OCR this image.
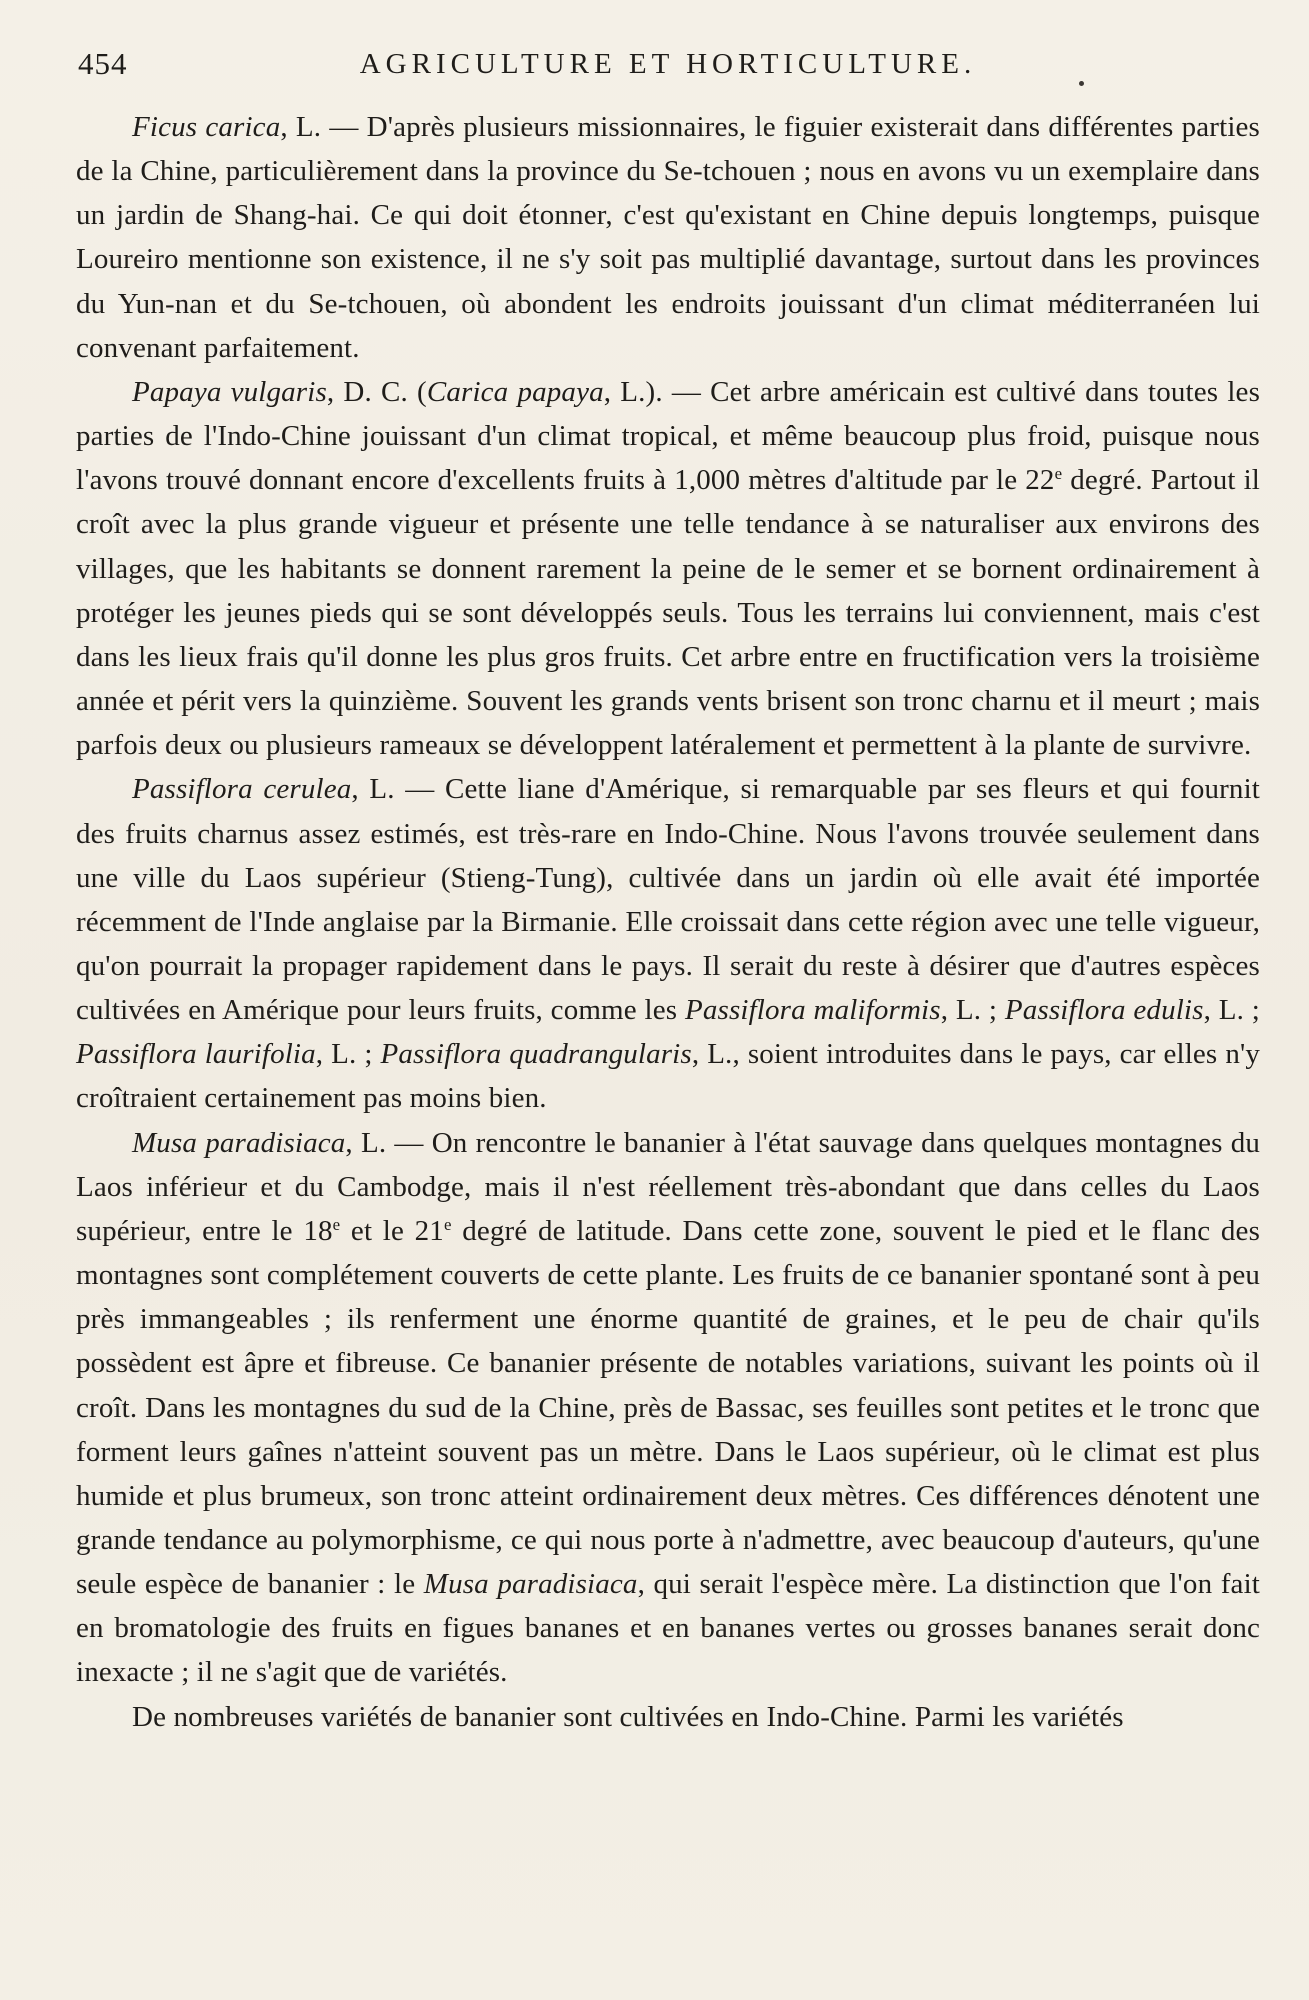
454	AGRICULTURE ET HORTICULTURE.

Ficus carica, L. — D'après plusieurs missionnaires, le figuier existerait dans différentes parties de la Chine, particulièrement dans la province du Se-tchouen ; nous en avons vu un exemplaire dans un jardin de Shang-hai. Ce qui doit étonner, c'est qu'existant en Chine depuis longtemps, puisque Loureiro mentionne son existence, il ne s'y soit pas multiplié davantage, surtout dans les provinces du Yun-nan et du Se-tchouen, où abondent les endroits jouissant d'un climat méditerranéen lui convenant parfaitement.

Papaya vulgaris, D. C. (Carica papaya, L.). — Cet arbre américain est cultivé dans toutes les parties de l'Indo-Chine jouissant d'un climat tropical, et même beaucoup plus froid, puisque nous l'avons trouvé donnant encore d'excellents fruits à 1,000 mètres d'altitude par le 22e degré. Partout il croît avec la plus grande vigueur et présente une telle tendance à se naturaliser aux environs des villages, que les habitants se donnent rarement la peine de le semer et se bornent ordinairement à protéger les jeunes pieds qui se sont développés seuls. Tous les terrains lui conviennent, mais c'est dans les lieux frais qu'il donne les plus gros fruits. Cet arbre entre en fructification vers la troisième année et périt vers la quinzième. Souvent les grands vents brisent son tronc charnu et il meurt ; mais parfois deux ou plusieurs rameaux se développent latéralement et permettent à la plante de survivre.

Passiflora cerulea, L. — Cette liane d'Amérique, si remarquable par ses fleurs et qui fournit des fruits charnus assez estimés, est très-rare en Indo-Chine. Nous l'avons trouvée seulement dans une ville du Laos supérieur (Stieng-Tung), cultivée dans un jardin où elle avait été importée récemment de l'Inde anglaise par la Birmanie. Elle croissait dans cette région avec une telle vigueur, qu'on pourrait la propager rapidement dans le pays. Il serait du reste à désirer que d'autres espèces cultivées en Amérique pour leurs fruits, comme les Passiflora maliformis, L. ; Passiflora edulis, L. ; Passiflora laurifolia, L. ; Passiflora quadrangularis, L., soient introduites dans le pays, car elles n'y croîtraient certainement pas moins bien.

Musa paradisiaca, L. — On rencontre le bananier à l'état sauvage dans quelques montagnes du Laos inférieur et du Cambodge, mais il n'est réellement très-abondant que dans celles du Laos supérieur, entre le 18e et le 21e degré de latitude. Dans cette zone, souvent le pied et le flanc des montagnes sont complétement couverts de cette plante. Les fruits de ce bananier spontané sont à peu près immangeables ; ils renferment une énorme quantité de graines, et le peu de chair qu'ils possèdent est âpre et fibreuse. Ce bananier présente de notables variations, suivant les points où il croît. Dans les montagnes du sud de la Chine, près de Bassac, ses feuilles sont petites et le tronc que forment leurs gaînes n'atteint souvent pas un mètre. Dans le Laos supérieur, où le climat est plus humide et plus brumeux, son tronc atteint ordinairement deux mètres. Ces différences dénotent une grande tendance au polymorphisme, ce qui nous porte à n'admettre, avec beaucoup d'auteurs, qu'une seule espèce de bananier : le Musa paradisiaca, qui serait l'espèce mère. La distinction que l'on fait en bromatologie des fruits en figues bananes et en bananes vertes ou grosses bananes serait donc inexacte ; il ne s'agit que de variétés.

De nombreuses variétés de bananier sont cultivées en Indo-Chine. Parmi les variétés
